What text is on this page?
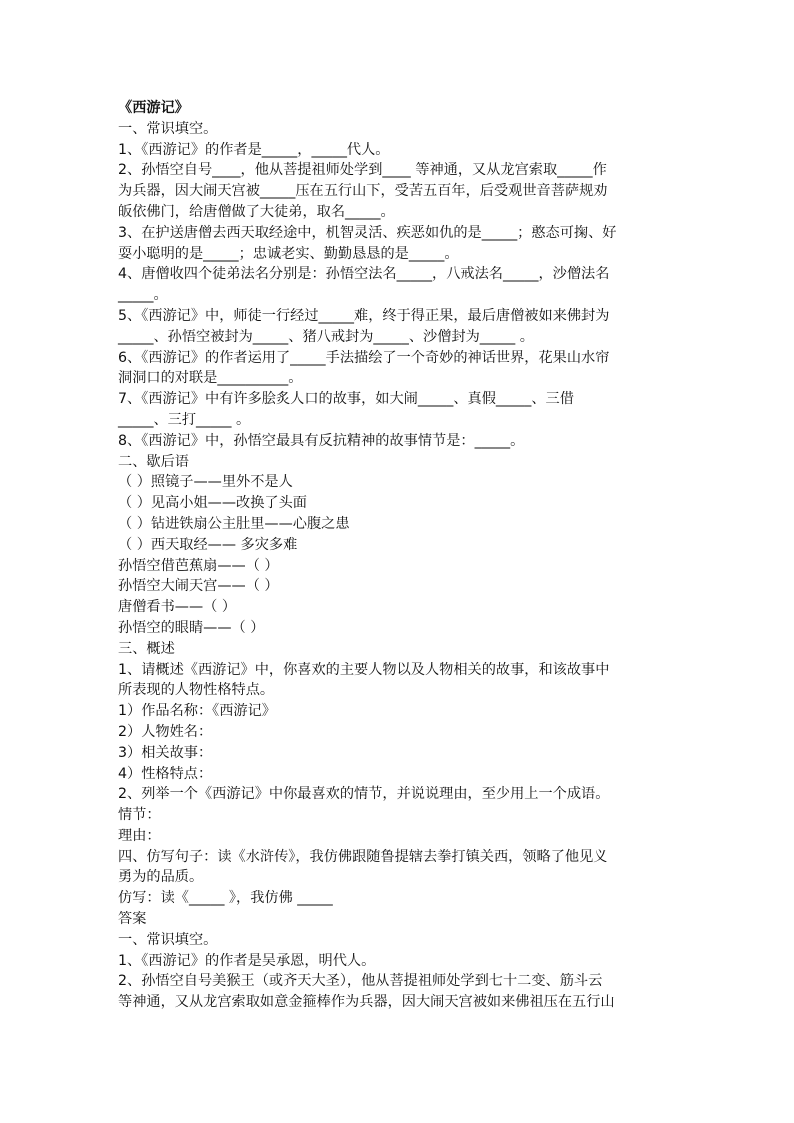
《西游记》
一、常识填空。
1、《西游记》的作者是_____，_____代人。
2、孙悟空自号____，他从菩提祖师处学到____ 等神通，又从龙宫索取_____作
为兵器，因大闹天宫被_____压在五行山下，受苦五百年，后受观世音菩萨规劝
皈依佛门，给唐僧做了大徒弟，取名_____。
3、在护送唐僧去西天取经途中，机智灵活、疾恶如仇的是_____；憨态可掬、好
耍小聪明的是_____；忠诚老实、勤勤恳恳的是_____。
4、唐僧收四个徒弟法名分别是：孙悟空法名_____，八戒法名_____，沙僧法名
_____。
5、《西游记》中，师徒一行经过_____难，终于得正果，最后唐僧被如来佛封为
_____、孙悟空被封为_____、猪八戒封为_____、沙僧封为_____ 。
6、《西游记》的作者运用了_____手法描绘了一个奇妙的神话世界，花果山水帘
洞洞口的对联是__________。
7、《西游记》中有许多脍炙人口的故事，如大闹_____、真假_____、三借
_____、三打_____ 。
8、《西游记》中，孙悟空最具有反抗精神的故事情节是：_____。
二、歇后语
（ ）照镜子——里外不是人
（ ）见高小姐——改换了头面
（ ）钻进铁扇公主肚里——心腹之患
（ ）西天取经—— 多灾多难
孙悟空借芭蕉扇——（ ）
孙悟空大闹天宫——（ ）
唐僧看书——（ ）
孙悟空的眼睛——（ ）
三、概述
1、请概述《西游记》中，你喜欢的主要人物以及人物相关的故事，和该故事中
所表现的人物性格特点。
1）作品名称：《西游记》
2）人物姓名：
3）相关故事：
4）性格特点：
2、列举一个《西游记》中你最喜欢的情节，并说说理由，至少用上一个成语。
情节：
理由：
四、仿写句子：读《水浒传》，我仿佛跟随鲁提辖去拳打镇关西，领略了他见义
勇为的品质。
仿写：读《_____ 》，我仿佛 _____
答案
一、常识填空。
1、《西游记》的作者是吴承恩，明代人。
2、孙悟空自号美猴王（或齐天大圣），他从菩提祖师处学到七十二变、筋斗云
等神通，又从龙宫索取如意金箍棒作为兵器，因大闹天宫被如来佛祖压在五行山
